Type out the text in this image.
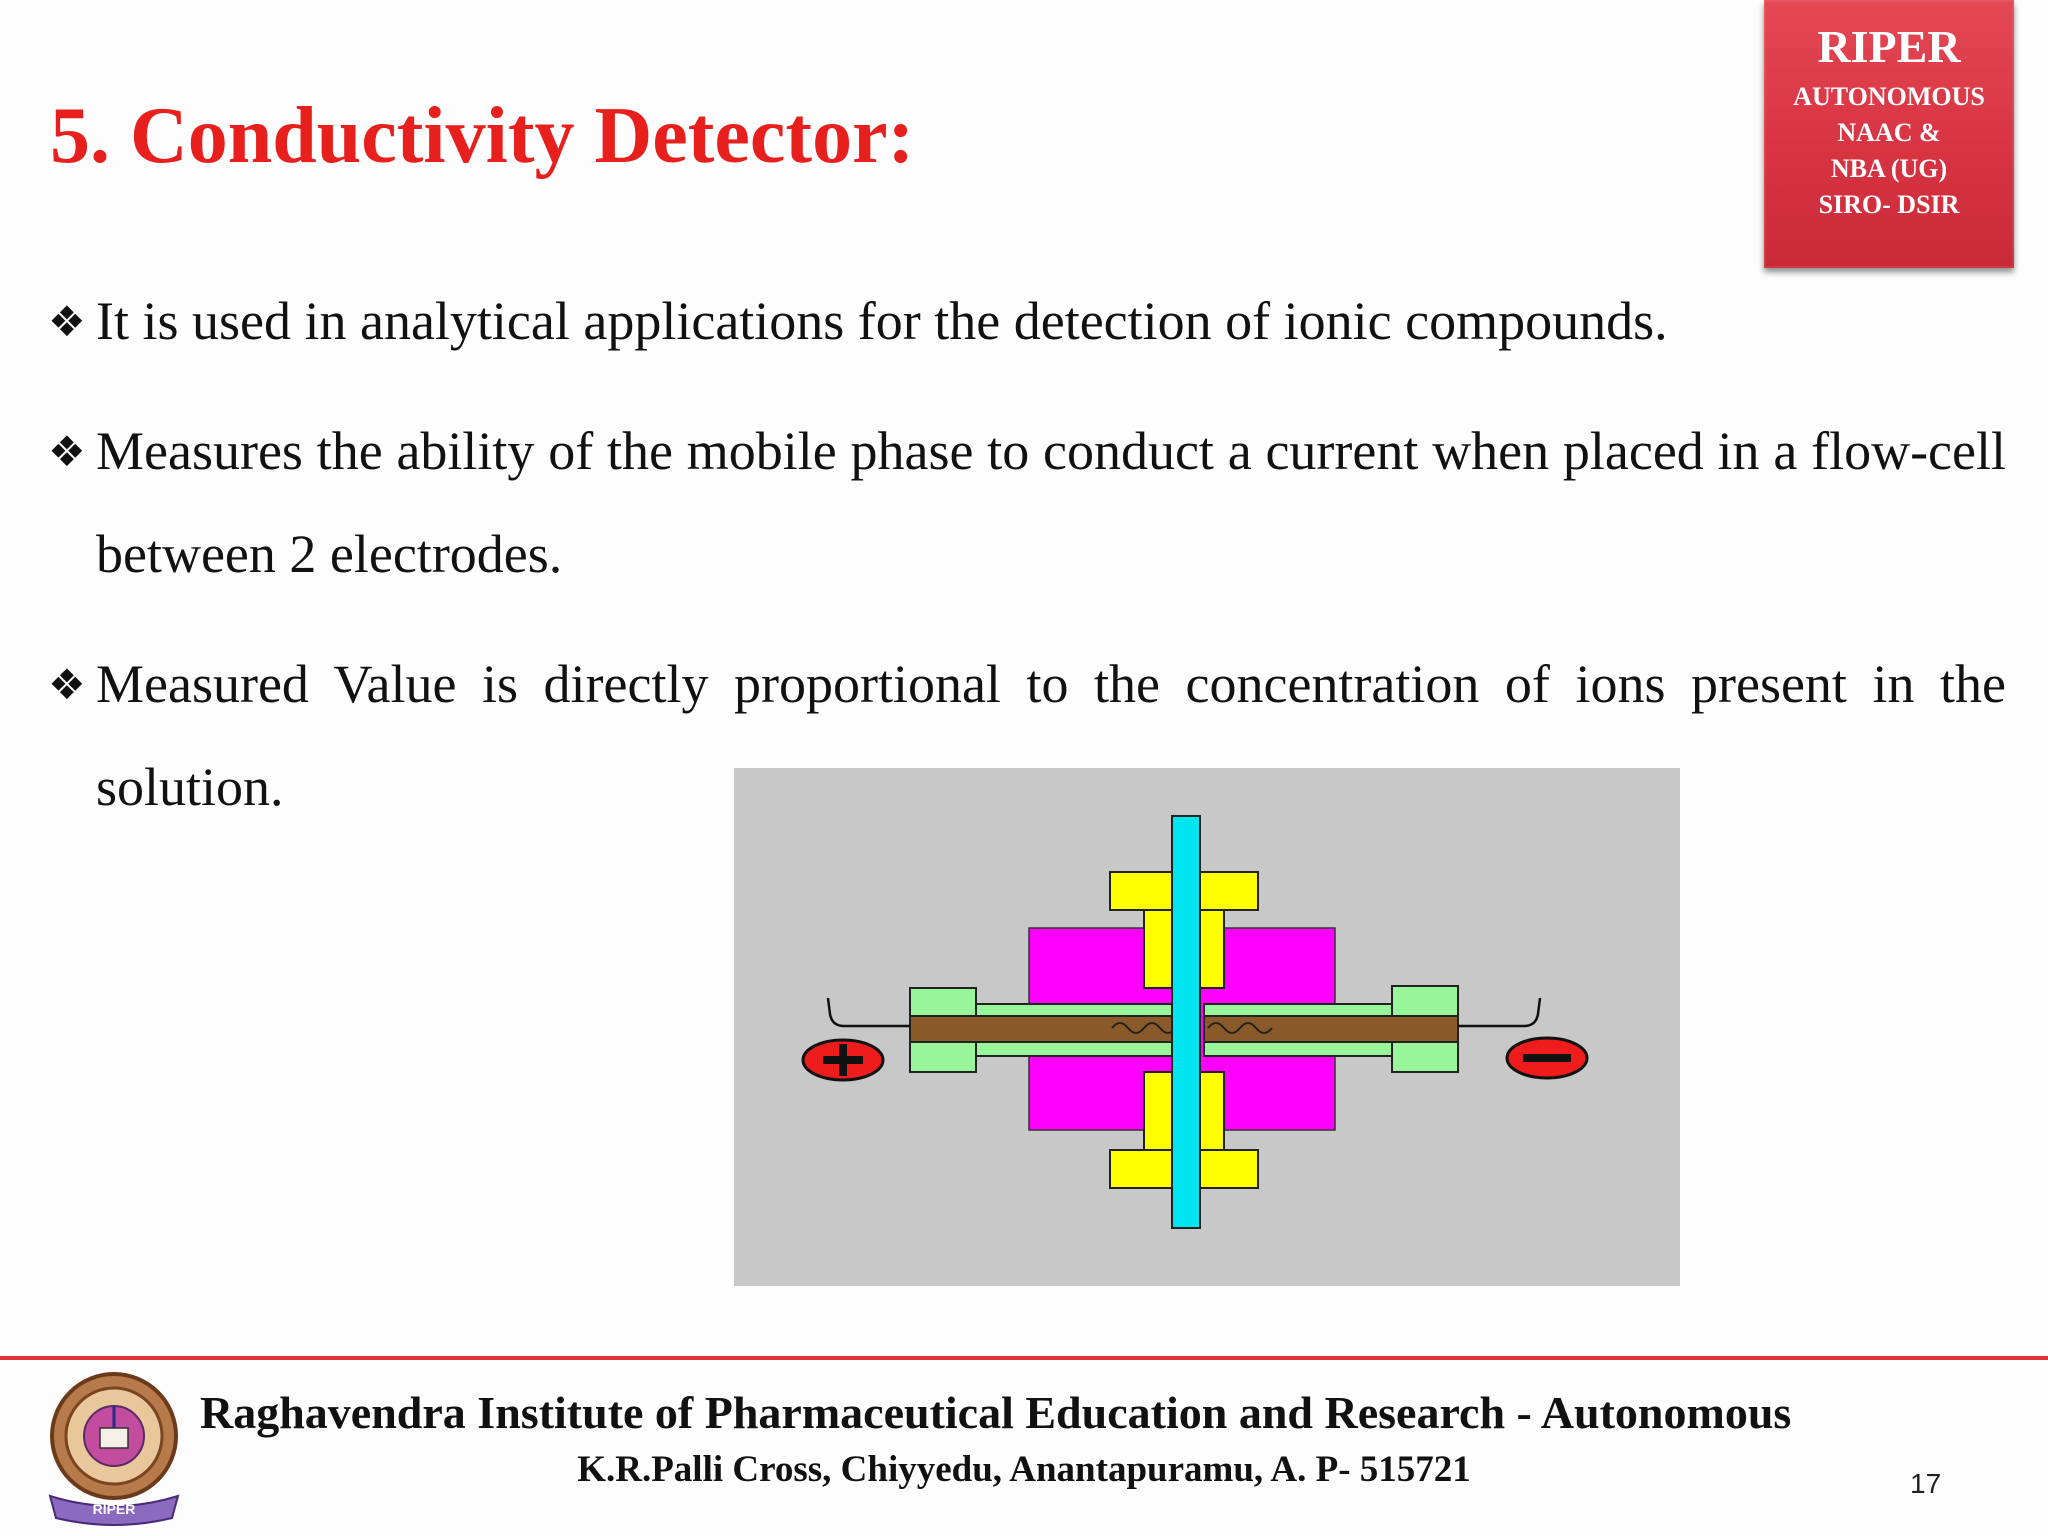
5. Conductivity Detector:
RIPER
AUTONOMOUS
NAAC &
NBA (UG)
SIRO- DSIR
❖ It is used in analytical applications for the detection of ionic compounds.
❖ Measures the ability of the mobile phase to conduct a current when placed in a flow-cell between 2 electrodes.
❖ Measured Value is directly proportional to the concentration of ions present in the solution.
RIPER
Raghavendra Institute of Pharmaceutical Education and Research - Autonomous
K.R.Palli Cross, Chiyyedu, Anantapuramu, A. P- 515721	17
